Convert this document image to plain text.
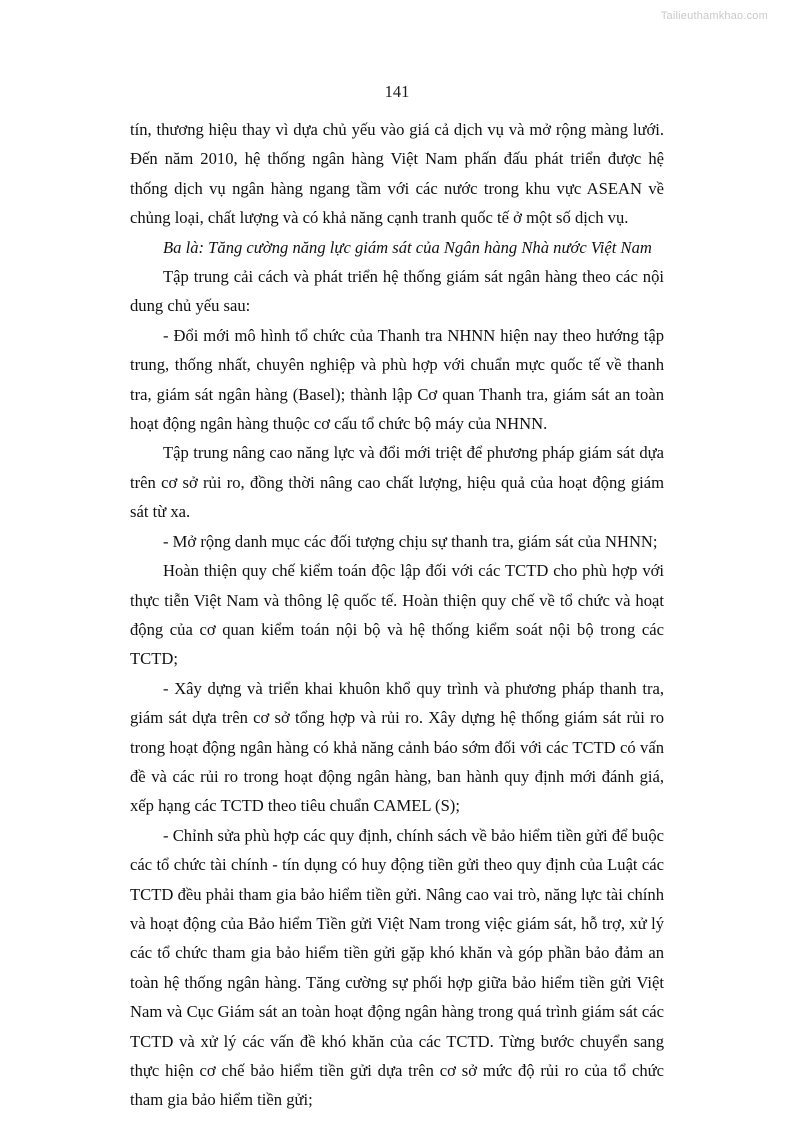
Tailieuthamkhao.com
141

tín, thương hiệu thay vì dựa chủ yếu vào giá cả dịch vụ và mở rộng màng lưới. Đến năm 2010, hệ thống ngân hàng Việt Nam phấn đấu phát triển được hệ thống dịch vụ ngân hàng ngang tầm với các nước trong khu vực ASEAN về chủng loại, chất lượng và có khả năng cạnh tranh quốc tế ở một số dịch vụ.

Ba là: Tăng cường năng lực giám sát của Ngân hàng Nhà nước Việt Nam

Tập trung cải cách và phát triển hệ thống giám sát ngân hàng theo các nội dung chủ yếu sau:

- Đổi mới mô hình tổ chức của Thanh tra NHNN hiện nay theo hướng tập trung, thống nhất, chuyên nghiệp và phù hợp với chuẩn mực quốc tế về thanh tra, giám sát ngân hàng (Basel); thành lập Cơ quan Thanh tra, giám sát an toàn hoạt động ngân hàng thuộc cơ cấu tổ chức bộ máy của NHNN.

Tập trung nâng cao năng lực và đổi mới triệt để phương pháp giám sát dựa trên cơ sở rủi ro, đồng thời nâng cao chất lượng, hiệu quả của hoạt động giám sát từ xa.

- Mở rộng danh mục các đối tượng chịu sự thanh tra, giám sát của NHNN;

Hoàn thiện quy chế kiểm toán độc lập đối với các TCTD cho phù hợp với thực tiễn Việt Nam và thông lệ quốc tế. Hoàn thiện quy chế về tổ chức và hoạt động của cơ quan kiểm toán nội bộ và hệ thống kiểm soát nội bộ trong các TCTD;

- Xây dựng và triển khai khuôn khổ quy trình và phương pháp thanh tra, giám sát dựa trên cơ sở tổng hợp và rủi ro. Xây dựng hệ thống giám sát rủi ro trong hoạt động ngân hàng có khả năng cảnh báo sớm đối với các TCTD có vấn đề và các rủi ro trong hoạt động ngân hàng, ban hành quy định mới đánh giá, xếp hạng các TCTD theo tiêu chuẩn CAMEL (S);

- Chỉnh sửa phù hợp các quy định, chính sách về bảo hiểm tiền gửi để buộc các tổ chức tài chính - tín dụng có huy động tiền gửi theo quy định của Luật các TCTD đều phải tham gia bảo hiểm tiền gửi. Nâng cao vai trò, năng lực tài chính và hoạt động của Bảo hiểm Tiền gửi Việt Nam trong việc giám sát, hỗ trợ, xử lý các tổ chức tham gia bảo hiểm tiền gửi gặp khó khăn và góp phần bảo đảm an toàn hệ thống ngân hàng. Tăng cường sự phối hợp giữa bảo hiểm tiền gửi Việt Nam và Cục Giám sát an toàn hoạt động ngân hàng trong quá trình giám sát các TCTD và xử lý các vấn đề khó khăn của các TCTD. Từng bước chuyển sang thực hiện cơ chế bảo hiểm tiền gửi dựa trên cơ sở mức độ rủi ro của tổ chức tham gia bảo hiểm tiền gửi;
